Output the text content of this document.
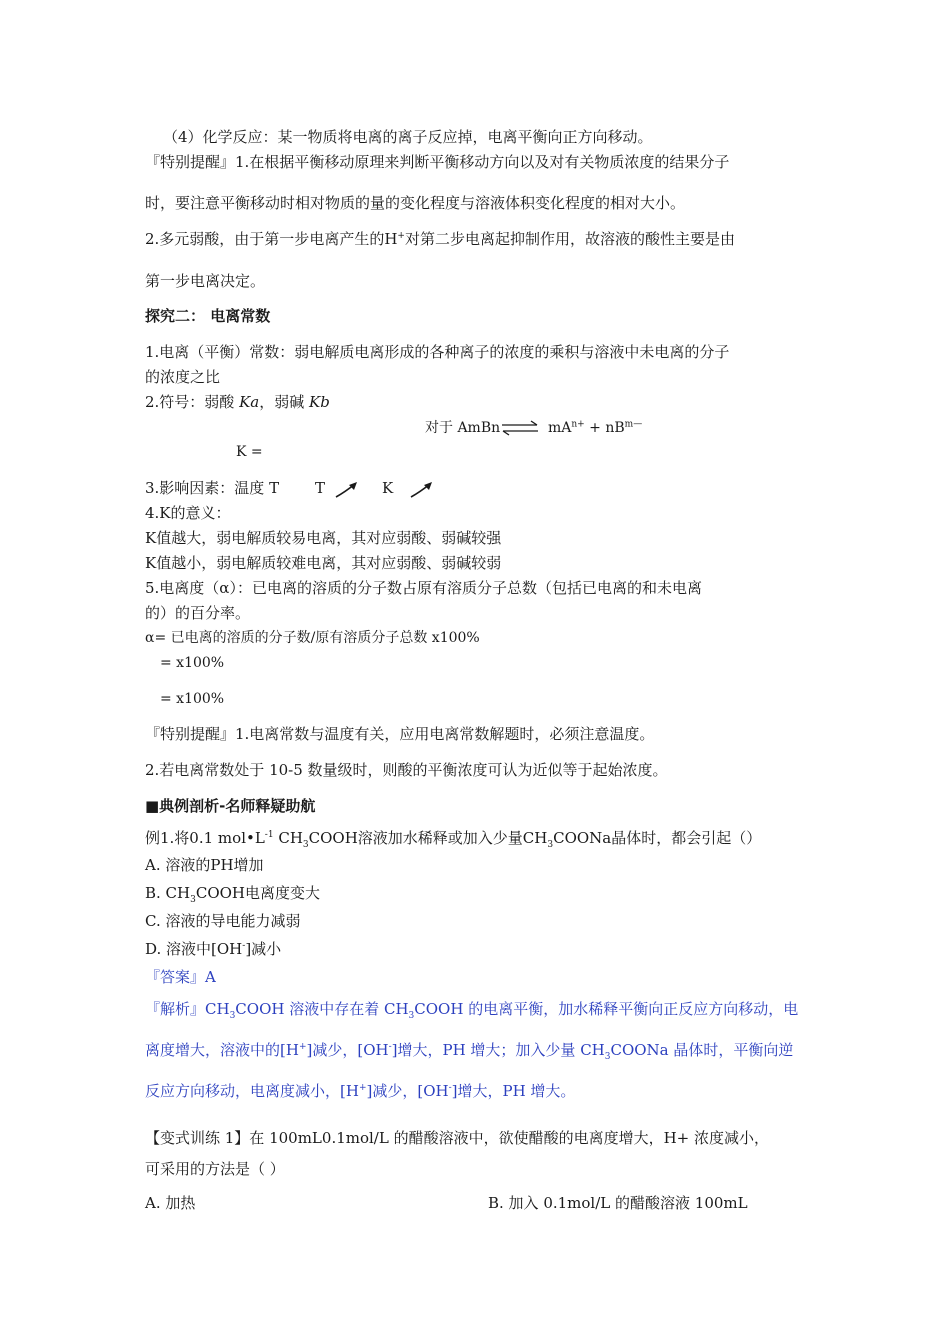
（4）化学反应：某一物质将电离的离子反应掉，电离平衡向正方向移动。
『特别提醒』1.在根据平衡移动原理来判断平衡移动方向以及对有关物质浓度的结果分子
时，要注意平衡移动时相对物质的量的变化程度与溶液体积变化程度的相对大小。
2.多元弱酸，由于第一步电离产生的H+对第二步电离起抑制作用，故溶液的酸性主要是由
第一步电离决定。
探究二： 电离常数
1.电离（平衡）常数：弱电解质电离形成的各种离子的浓度的乘积与溶液中未电离的分子
的浓度之比
2.符号：弱酸 Ka，弱碱 Kb
对于 AmBn ⇌ $mA^{n+} + nB^{m—}$
K =
3.影响因素：温度 T T	K
4.K的意义：
K值越大，弱电解质较易电离，其对应弱酸、弱碱较强
K值越小，弱电解质较难电离，其对应弱酸、弱碱较弱
5.电离度（α）：已电离的溶质的分子数占原有溶质分子总数（包括已电离的和未电离
的）的百分率。
α= 已电离的溶质的分子数/原有溶质分子总数 x100%
= x100%
= x100%
『特别提醒』1.电离常数与温度有关，应用电离常数解题时，必须注意温度。
2.若电离常数处于 10-5 数量级时，则酸的平衡浓度可认为近似等于起始浓度。
■典例剖析-名师释疑助航
例1.将0.1 $mol•L^{-1}$ $CH_3COOH$溶液加水稀释或加入少量$CH_3COONa$晶体时，都会引起（）
A. 溶液的PH增加
B. $CH_3COOH$电离度变大
C. 溶液的导电能力减弱
D. 溶液中[OH-]减小
『答案』A
『解析』$CH_3COOH$ 溶液中存在着 $CH_3COOH$ 的电离平衡，加水稀释平衡向正反应方向移动，电
离度增大，溶液中的[H+]减少，[OH-]增大，PH 增大；加入少量 $CH_3COONa$ 晶体时，平衡向逆
反应方向移动，电离度减小，[H+]减少，[OH-]增大，PH 增大。
【变式训练 1】在 100mL0.1mol/L 的醋酸溶液中，欲使醋酸的电离度增大，H+ 浓度减小，
可采用的方法是（ ）
A. 加热	B. 加入 0.1mol/L 的醋酸溶液 100mL
